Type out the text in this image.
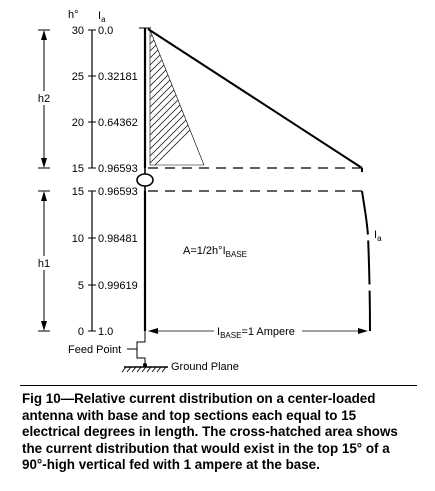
h° $I_a$
30 0.0
25 0.32181
20 0.64362
15 0.96593
15 0.96593
10 0.98481
5 0.99619
0 1.0
h2
h1
$I_a$
$A=1/2h^\circ I_{BASE}$
$I_{BASE}=1$ Ampere
Feed Point
Ground Plane
Fig 10—Relative current distribution on a center-loaded antenna with base and top sections each equal to 15 electrical degrees in length. The cross-hatched area shows the current distribution that would exist in the top 15° of a 90°-high vertical fed with 1 ampere at the base.
